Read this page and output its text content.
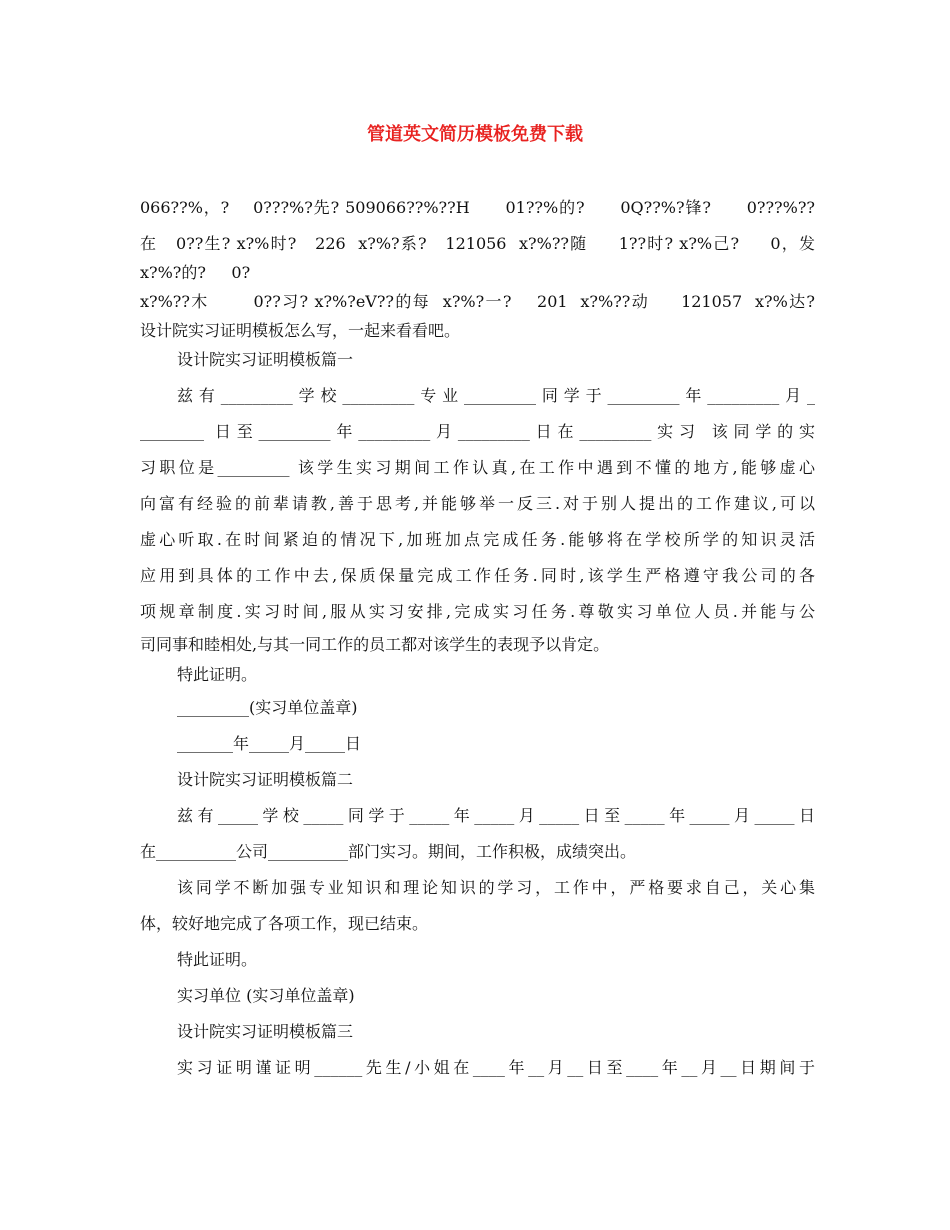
管道英文简历模板免费下载
066??%，?    0???%?先? 509066??%??H      01??%的?      0Q??%?锋?      0???%??
在   0??生? x?%时?   226  x?%?系?   121056  x?%??随     1??时? x?%己?     0，发
x?%?的?     0?
x?%??木       0??习? x?%?eV??的每  x?%?一?    201  x?%??动     121057  x?%达?
设计院实习证明模板怎么写，一起来看看吧。
设计院实习证明模板篇一
兹有_________学校_________专业_________同学于_________年_________月_
________ 日至_________年_________月_________日在_________实习 该同学的实
习职位是_________ 该学生实习期间工作认真,在工作中遇到不懂的地方,能够虚心
向富有经验的前辈请教,善于思考,并能够举一反三.对于别人提出的工作建议,可以
虚心听取.在时间紧迫的情况下,加班加点完成任务.能够将在学校所学的知识灵活
应用到具体的工作中去,保质保量完成工作任务.同时,该学生严格遵守我公司的各
项规章制度.实习时间,服从实习安排,完成实习任务.尊敬实习单位人员.并能与公
司同事和睦相处,与其一同工作的员工都对该学生的表现予以肯定。
特此证明。
_________(实习单位盖章)
_______年_____月_____日
设计院实习证明模板篇二
兹有_____学校_____同学于_____年_____月_____日至_____年_____月_____日
在__________公司__________部门实习。期间，工作积极，成绩突出。
该同学不断加强专业知识和理论知识的学习，工作中，严格要求自己，关心集
体，较好地完成了各项工作，现已结束。
特此证明。
实习单位 (实习单位盖章)
设计院实习证明模板篇三
实习证明谨证明______先生/小姐在____年__月__日至____年__月__日期间于
